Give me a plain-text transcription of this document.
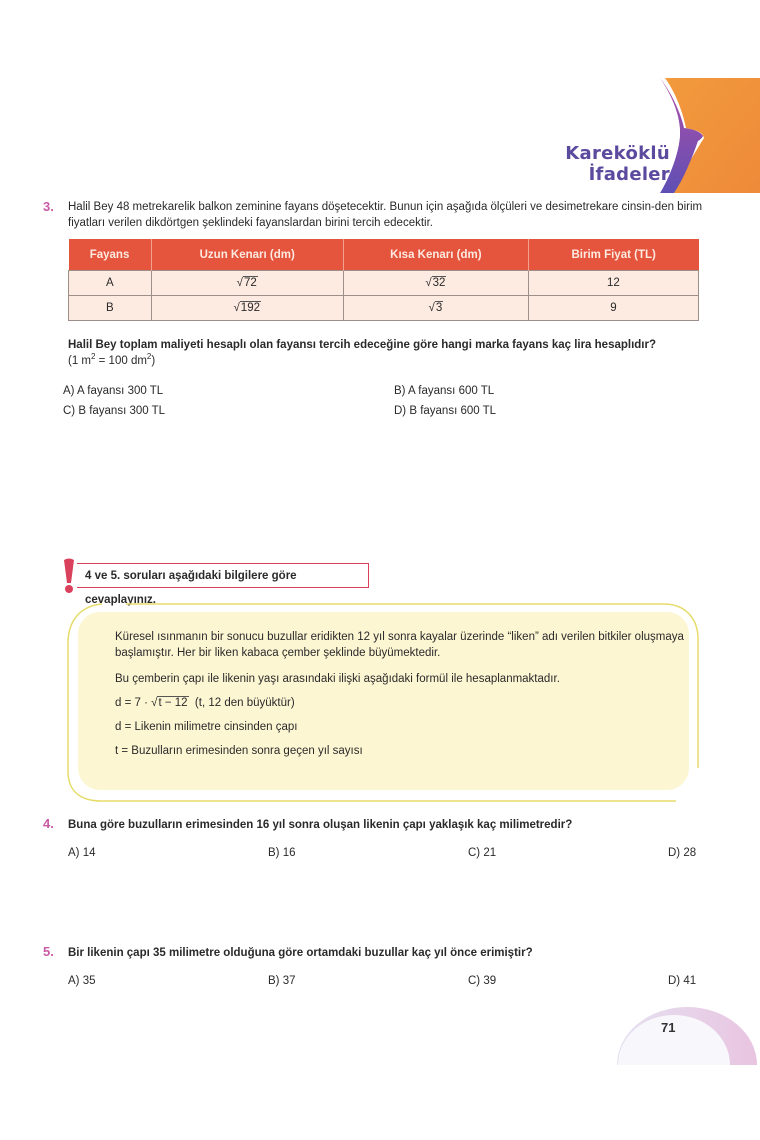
Kareköklü İfadeler
3. Halil Bey 48 metrekarelik balkon zeminine fayans döşetecektir. Bunun için aşağıda ölçüleri ve desimetrekare cinsin-den birim fiyatları verilen dikdörtgen şeklindeki fayanslardan birini tercih edecektir.
Fayans	Uzun Kenarı (dm)	Kısa Kenarı (dm)	Birim Fiyat (TL)
A	√72	√32	12
B	√192	√3	9
Halil Bey toplam maliyeti hesaplı olan fayansı tercih edeceğine göre hangi marka fayans kaç lira hesaplıdır?
(1 $m^2 = 100$ $dm^2$)
A) A fayansı 300 TL	B) A fayansı 600 TL
C) B fayansı 300 TL	D) B fayansı 600 TL
4 ve 5. soruları aşağıdaki bilgilere göre cevaplayınız.
Küresel ısınmanın bir sonucu buzullar eridikten 12 yıl sonra kayalar üzerinde “liken” adı verilen bitkiler oluşmaya başlamıştır. Her bir liken kabaca çember şeklinde büyümektedir.
Bu çemberin çapı ile likenin yaşı arasındaki ilişki aşağıdaki formül ile hesaplanmaktadır.
d = 7 · √t − 12 (t, 12 den büyüktür)
d = Likenin milimetre cinsinden çapı
t = Buzulların erimesinden sonra geçen yıl sayısı
4. Buna göre buzulların erimesinden 16 yıl sonra oluşan likenin çapı yaklaşık kaç milimetredir?
A) 14	B) 16	C) 21	D) 28
5. Bir likenin çapı 35 milimetre olduğuna göre ortamdaki buzullar kaç yıl önce erimiştir?
A) 35	B) 37	C) 39	D) 41
71
